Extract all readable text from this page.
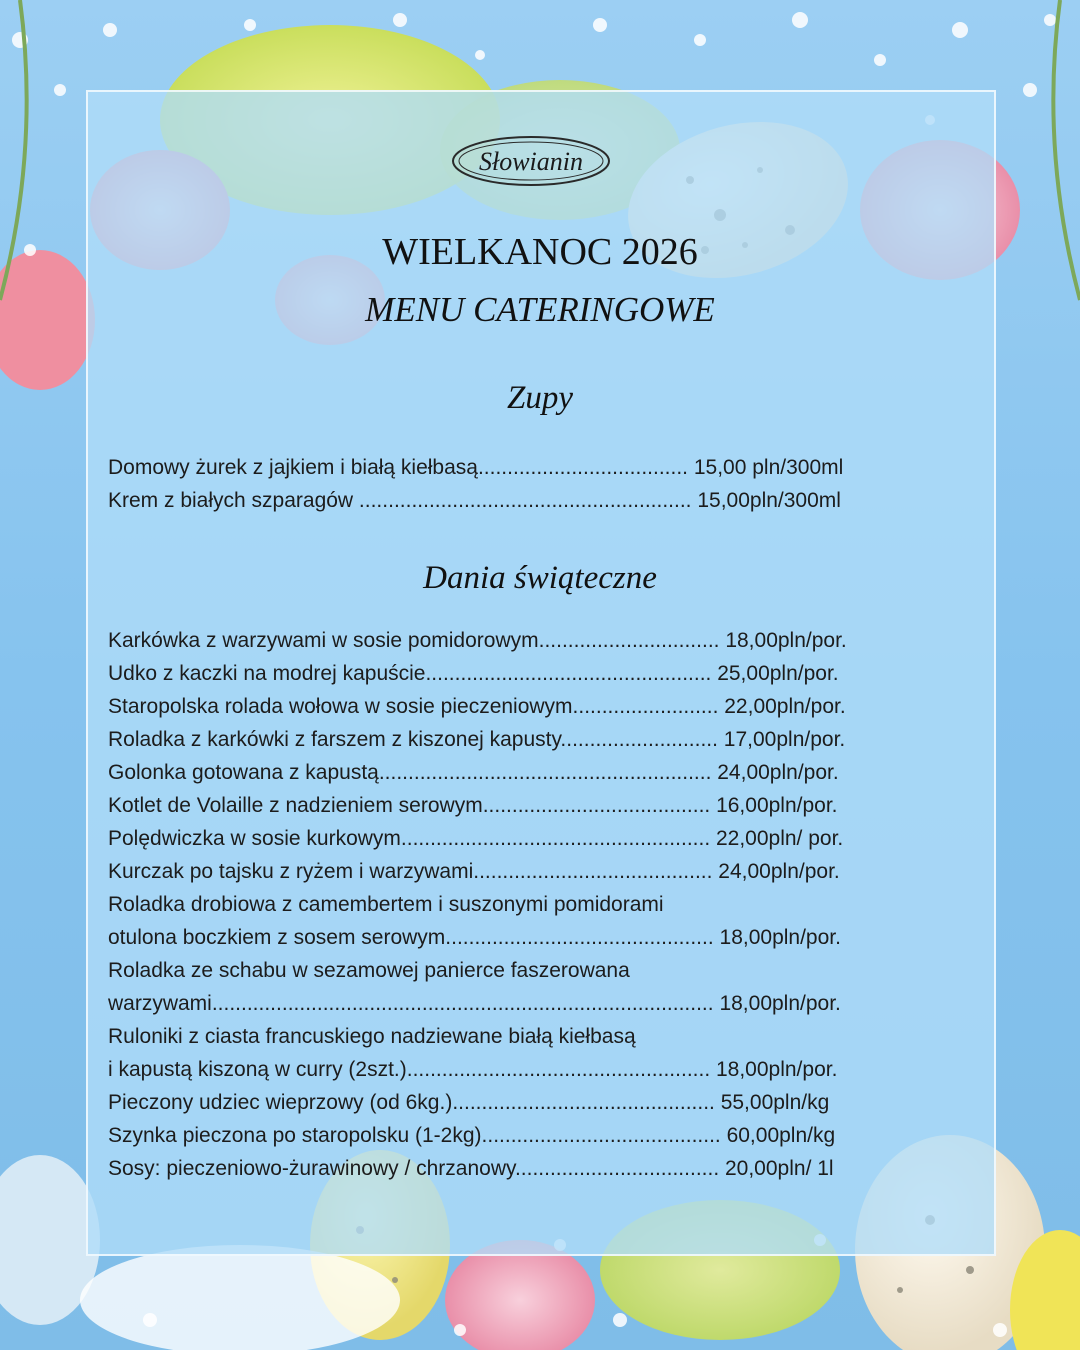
Słowianin
WIELKANOC 2026
MENU CATERINGOWE
Zupy
Domowy żurek z jajkiem i białą kiełbasą.................................... 15,00 pln/300ml
Krem z białych szparagów ......................................................... 15,00pln/300ml
Dania świąteczne
Karkówka z warzywami w sosie pomidorowym............................... 18,00pln/por.
Udko z kaczki na modrej kapuście................................................. 25,00pln/por.
Staropolska rolada wołowa w sosie pieczeniowym......................... 22,00pln/por.
Roladka z karkówki z farszem z kiszonej kapusty........................... 17,00pln/por.
Golonka gotowana z kapustą......................................................... 24,00pln/por.
Kotlet de Volaille z nadzieniem serowym....................................... 16,00pln/por.
Polędwiczka w sosie kurkowym..................................................... 22,00pln/ por.
Kurczak po tajsku z ryżem i warzywami......................................... 24,00pln/por.
Roladka drobiowa z camembertem i suszonymi pomidorami
otulona boczkiem z sosem serowym.............................................. 18,00pln/por.
Roladka ze schabu w sezamowej panierce faszerowana
warzywami...................................................................................... 18,00pln/por.
Ruloniki z ciasta francuskiego nadziewane białą kiełbasą
i kapustą kiszoną w curry (2szt.).................................................... 18,00pln/por.
Pieczony udziec wieprzowy (od 6kg.)............................................. 55,00pln/kg
Szynka pieczona po staropolsku (1-2kg)......................................... 60,00pln/kg
Sosy: pieczeniowo-żurawinowy / chrzanowy................................... 20,00pln/ 1l
